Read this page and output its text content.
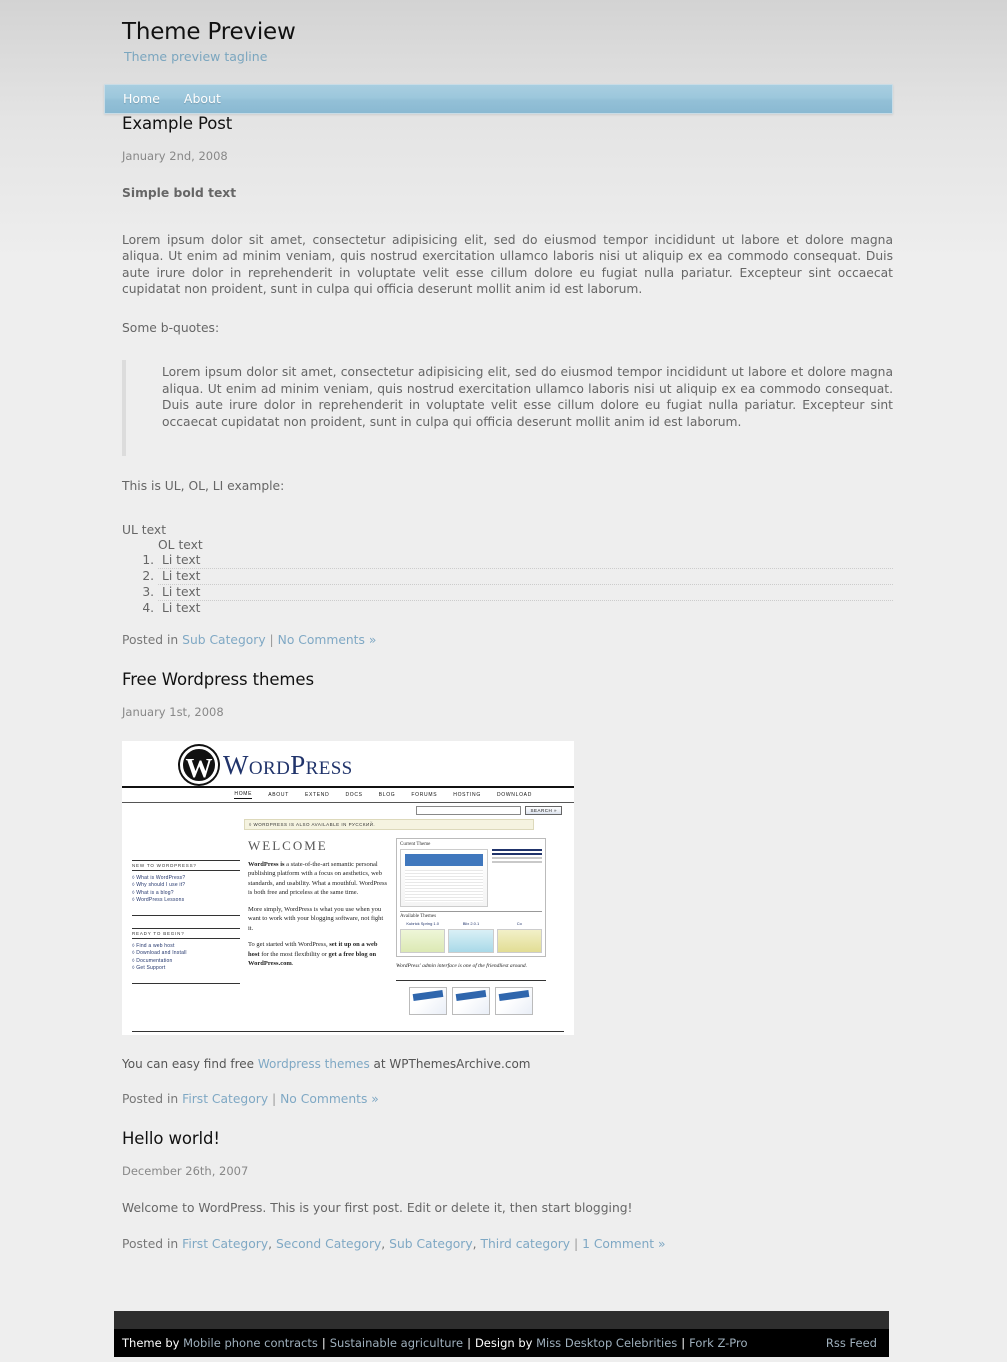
Theme Preview
Theme preview tagline
Home About
Example Post
January 2nd, 2008

Simple bold text

Lorem ipsum dolor sit amet, consectetur adipisicing elit, sed do eiusmod tempor incididunt ut labore et dolore magna aliqua. Ut enim ad minim veniam, quis nostrud exercitation ullamco laboris nisi ut aliquip ex ea commodo consequat. Duis aute irure dolor in reprehenderit in voluptate velit esse cillum dolore eu fugiat nulla pariatur. Excepteur sint occaecat cupidatat non proident, sunt in culpa qui officia deserunt mollit anim id est laborum.

Some b-quotes:

Lorem ipsum dolor sit amet, consectetur adipisicing elit, sed do eiusmod tempor incididunt ut labore et dolore magna aliqua. Ut enim ad minim veniam, quis nostrud exercitation ullamco laboris nisi ut aliquip ex ea commodo consequat. Duis aute irure dolor in reprehenderit in voluptate velit esse cillum dolore eu fugiat nulla pariatur. Excepteur sint occaecat cupidatat non proident, sunt in culpa qui officia deserunt mollit anim id est laborum.

This is UL, OL, LI example:

UL text
OL text
1. Li text
2. Li text
3. Li text
4. Li text
Posted in Sub Category | No Comments »
Free Wordpress themes
January 1st, 2008
W WordPress
HOME	ABOUT	EXTEND	DOCS	BLOG	FORUMS	HOSTING	DOWNLOAD
SEARCH »
◊ WORDPRESS IS ALSO AVAILABLE IN РУССКИЙ.
NEW TO WORDPRESS?
◊ What is WordPress?
◊ Why should I use it?
◊ What is a blog?
◊ WordPress Lessons
READY TO BEGIN?
◊ Find a web host
◊ Download and Install
◊ Documentation
◊ Get Support
WELCOME
WordPress is a state-of-the-art semantic personal publishing platform with a focus on aesthetics, web standards, and usability. What a mouthful. WordPress is both free and priceless at the same time.
More simply, WordPress is what you use when you want to work with your blogging software, not fight it.
To get started with WordPress, set it up on a web host for the most flexibility or get a free blog on WordPress.com.
Current Theme
Available Themes
Kubrick Spring 1.0	Blix 2.0.1	Co
WordPress' admin interface is one of the friendliest around.

You can easy find free Wordpress themes at WPThemesArchive.com

Posted in First Category | No Comments »
Hello world!
December 26th, 2007

Welcome to WordPress. This is your first post. Edit or delete it, then start blogging!

Posted in First Category, Second Category, Sub Category, Third category | 1 Comment »
Theme by Mobile phone contracts | Sustainable agriculture | Design by Miss Desktop Celebrities | Fork Z-Pro	Rss Feed
